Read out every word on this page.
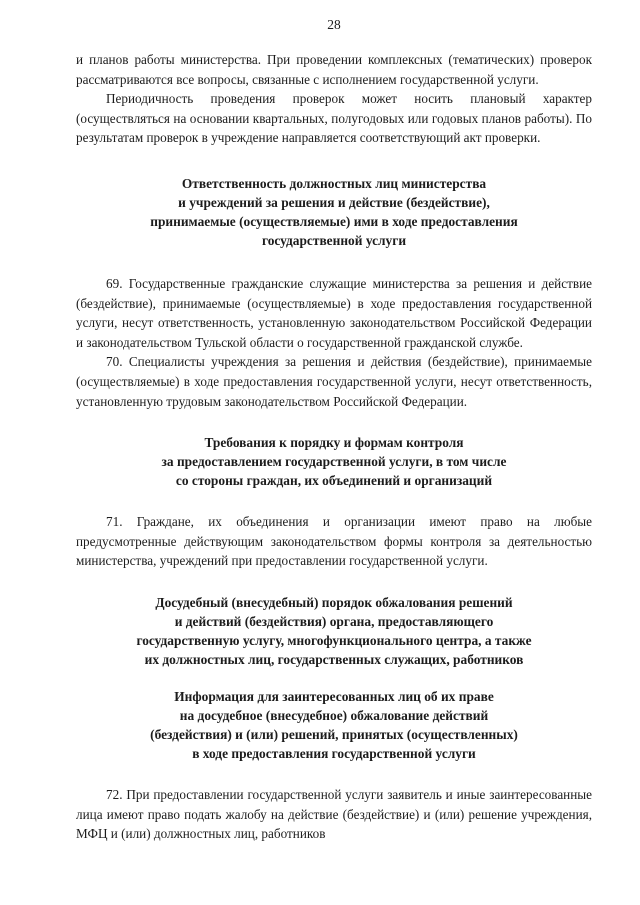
28

и планов работы министерства. При проведении комплексных (тематических) проверок рассматриваются все вопросы, связанные с исполнением государственной услуги.

Периодичность проведения проверок может носить плановый характер (осуществляться на основании квартальных, полугодовых или годовых планов работы). По результатам проверок в учреждение направляется соответствующий акт проверки.

Ответственность должностных лиц министерства
и учреждений за решения и действие (бездействие),
принимаемые (осуществляемые) ими в ходе предоставления
государственной услуги

69. Государственные гражданские служащие министерства за решения и действие (бездействие), принимаемые (осуществляемые) в ходе предоставления государственной услуги, несут ответственность, установленную законодательством Российской Федерации и законодательством Тульской области о государственной гражданской службе.

70. Специалисты учреждения за решения и действия (бездействие), принимаемые (осуществляемые) в ходе предоставления государственной услуги, несут ответственность, установленную трудовым законодательством Российской Федерации.

Требования к порядку и формам контроля
за предоставлением государственной услуги, в том числе
со стороны граждан, их объединений и организаций

71. Граждане, их объединения и организации имеют право на любые предусмотренные действующим законодательством формы контроля за деятельностью министерства, учреждений при предоставлении государственной услуги.

Досудебный (внесудебный) порядок обжалования решений
и действий (бездействия) органа, предоставляющего
государственную услугу, многофункционального центра, а также
их должностных лиц, государственных служащих, работников
Информация для заинтересованных лиц об их праве
на досудебное (внесудебное) обжалование действий
(бездействия) и (или) решений, принятых (осуществленных)
в ходе предоставления государственной услуги

72. При предоставлении государственной услуги заявитель и иные заинтересованные лица имеют право подать жалобу на действие (бездействие) и (или) решение учреждения, МФЦ и (или) должностных лиц, работников
